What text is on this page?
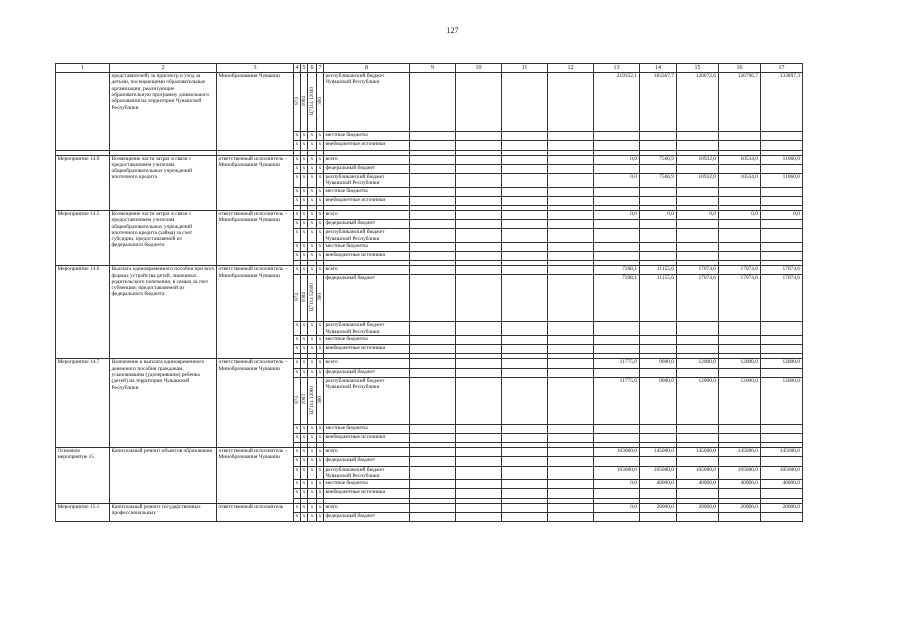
127
1	2	3	4	5	6	7	8	9	10	11	12	13	14	15	16	17
	представителей) за присмотр и уход за детьми, посещающими образовательные организации, реализующие образовательную программу дошкольного образования на территории Чувашской Республики	Минобразования Чувашии	874	1004	Ц7114 12040	300	республиканский бюджет Чувашской Республики					219352,1	183367,7	120072,6	126796,7	133897,3
			x	x	x	x	местные бюджеты									
			x	x	x	x	внебюджетные источники									

Мероприятие 14.9	Возмещение части затрат в связи с предоставлением учителям общеобразовательных учреждений ипотечного кредита	ответственный исполнитель – Минобразования Чувашии	x	x	x	x	всего					0,0	7566,9	10932,0	10534,0	11060,0
			x	x	x	x	федеральный бюджет									
			x	x	x	x	республиканский бюджет Чувашской Республики					0,0	7566,9	10932,0	10534,0	11060,0
			x	x	x	x	местные бюджеты									
			x	x	x	x	внебюджетные источники									

Мероприятие 14.5	Возмещение части затрат в связи с предоставлением учителям общеобразовательных учреждений ипотечного кредита (займа) за счет субсидии, предоставляемой из федерального бюджета	ответственный исполнитель – Минобразования Чувашии	x	x	x	x	всего					0,0	0,0	0,0	0,0	0,0
			x	x	x	x	федеральный бюджет									
			x	x	x	x	республиканский бюджет Чувашской Республики									
			x	x	x	x	местные бюджеты									
			x	x	x	x	внебюджетные источники									

Мероприятие 14.6	Выплата единовременного пособия при всех формах устройства детей, лишенных родительского попечения, в семью за счет субвенции, предоставляемой из федерального бюджета	ответственный исполнитель – Минобразования Чувашии	x	x	x	x	всего					7208,1	11155,6	17074,6	17074,6	17074,6
			874	1004	Ц7114 52600	300	федеральный бюджет					7208,1	11155,6	17074,6	17074,6	17074,6
			x	x	x	x	республиканский бюджет Чувашской Республики									
			x	x	x	x	местные бюджеты									
			x	x	x	x	внебюджетные источники									

Мероприятие 14.7	Назначение и выплата единовременного денежного пособия гражданам, усыновившим (удочерившим) ребенка (детей) на территории Чувашской Республики	ответственный исполнитель – Минобразования Чувашии	x	x	x	x	всего					11775,0	9000,0	12000,0	12000,0	12000,0
			x	x	x	x	федеральный бюджет									
			874	1003	Ц7114 12060	300	республиканский бюджет Чувашской Республики					11775,0	9000,0	12000,0	12000,0	12000,0
			x	x	x	x	местные бюджеты									
			x	x	x	x	внебюджетные источники									

Основное мероприятие 15	Капитальный ремонт объектов образования	ответственный исполнитель – Минобразования Чувашии	x	x	x	x	всего					103000,0	145000,0	145000,0	145000,0	145000,0
			x	x	x	x	федеральный бюджет									
			x	x	x	x	республиканский бюджет Чувашской Республики					103000,0	105000,0	105000,0	105000,0	105000,0
			x	x	x	x	местные бюджеты					0,0	40000,0	40000,0	40000,0	40000,0
			x	x	x	x	внебюджетные источники									

Мероприятие 15.1	Капитальный ремонт государственных профессиональных	ответственный исполнитель	x	x	x	x	всего					0,0	20000,0	20000,0	20000,0	20000,0
			x	x	x	x	федеральный бюджет									
